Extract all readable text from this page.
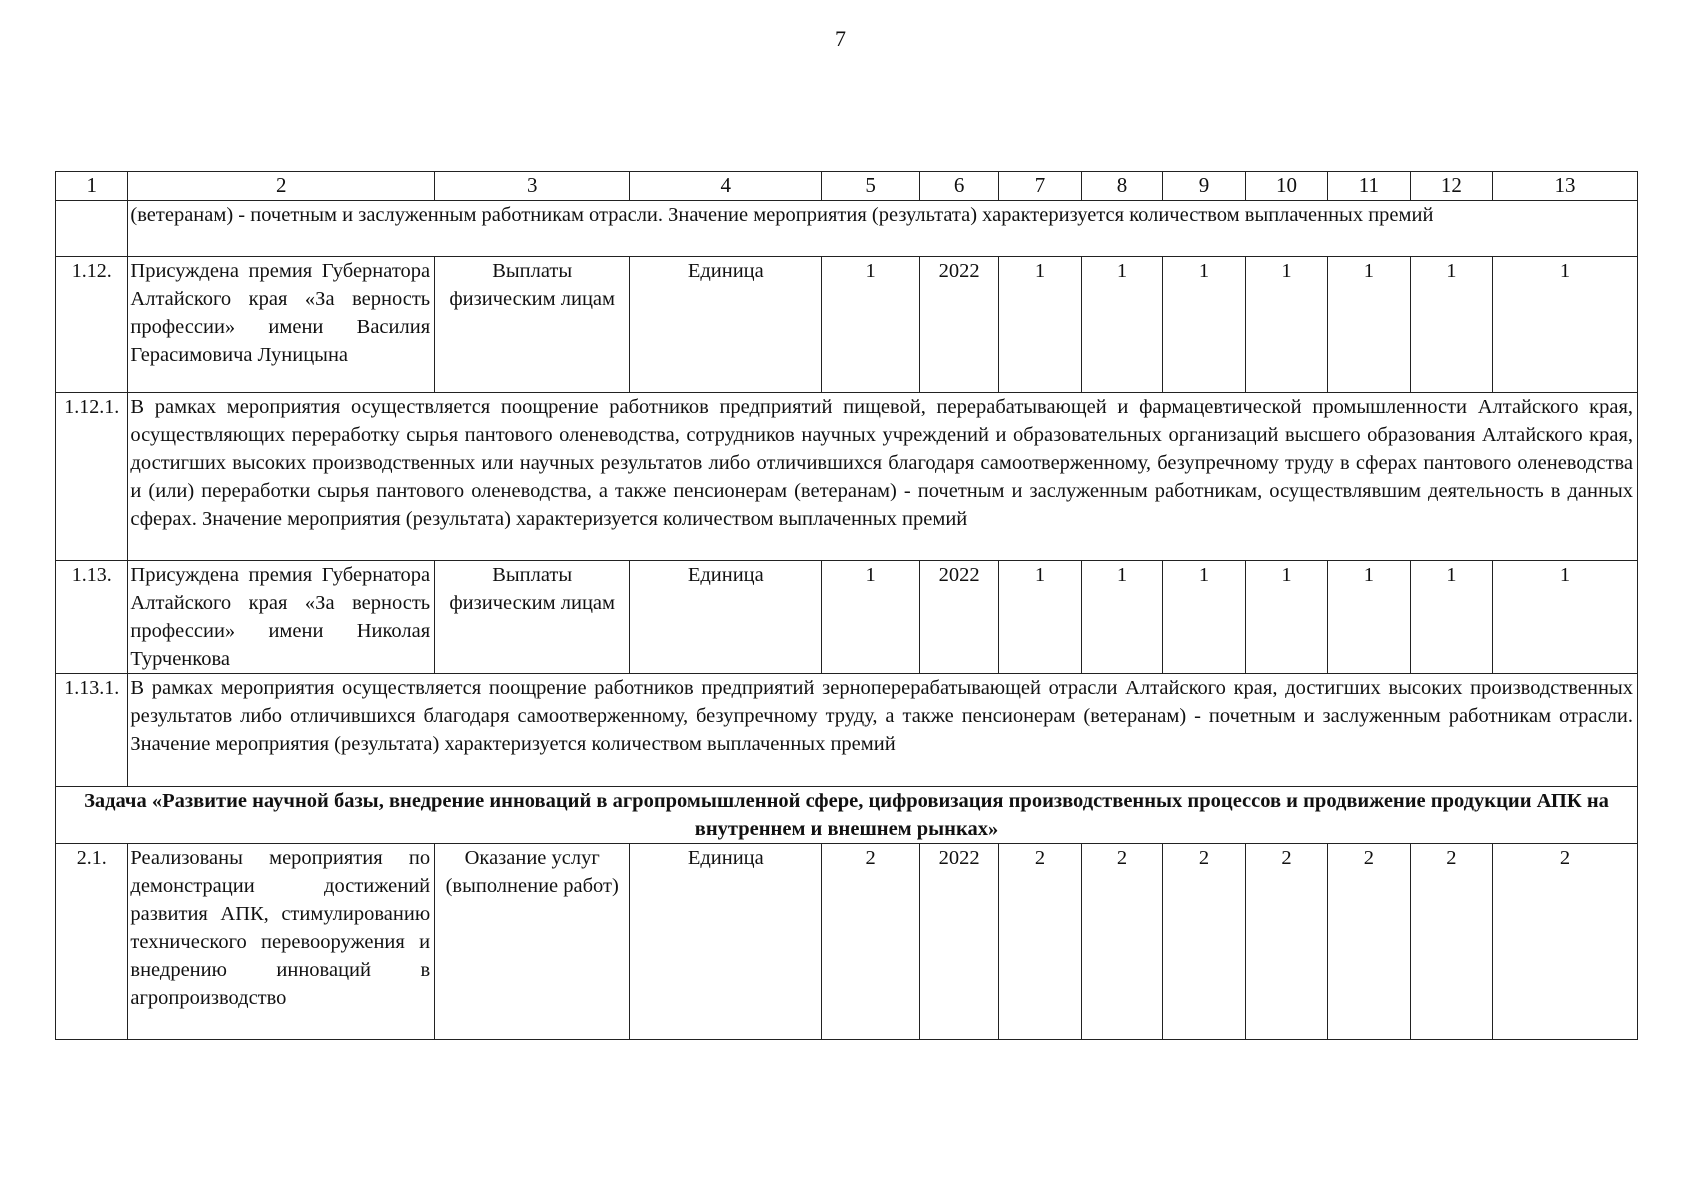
7
1	2	3	4	5	6	7	8	9	10	11	12	13
	(ветеранам) - почетным и заслуженным работникам отрасли. Значение мероприятия (результата) характеризуется количеством выплаченных премий											
1.12.	Присуждена премия Губернатора Алтайского края «За верность профессии» имени Василия Герасимовича Луницына	Выплаты физическим лицам	Единица	1	2022	1	1	1	1	1	1	1
1.12.1.	В рамках мероприятия осуществляется поощрение работников предприятий пищевой, перерабатывающей и фармацевтической промышленности Алтайского края, осуществляющих переработку сырья пантового оленеводства, сотрудников научных учреждений и образовательных организаций высшего образования Алтайского края, достигших высоких производственных или научных результатов либо отличившихся благодаря самоотверженному, безупречному труду в сферах пантового оленеводства и (или) переработки сырья пантового оленеводства, а также пенсионерам (ветеранам) - почетным и заслуженным работникам, осуществлявшим деятельность в данных сферах. Значение мероприятия (результата) характеризуется количеством выплаченных премий											
1.13.	Присуждена премия Губернатора Алтайского края «За верность профессии» имени Николая Турченкова	Выплаты физическим лицам	Единица	1	2022	1	1	1	1	1	1	1
1.13.1.	В рамках мероприятия осуществляется поощрение работников предприятий зерноперерабатывающей отрасли Алтайского края, достигших высоких производственных результатов либо отличившихся благодаря самоотверженному, безупречному труду, а также пенсионерам (ветеранам) - почетным и заслуженным работникам отрасли. Значение мероприятия (результата) характеризуется количеством выплаченных премий											
Задача «Развитие научной базы, внедрение инноваций в агропромышленной сфере, цифровизация производственных процессов и продвижение продукции АПК на внутреннем и внешнем рынках»												
2.1.	Реализованы мероприятия по демонстрации достижений развития АПК, стимулированию технического перевооружения и внедрению инноваций в агропроизводство	Оказание услуг (выполнение работ)	Единица	2	2022	2	2	2	2	2	2	2
